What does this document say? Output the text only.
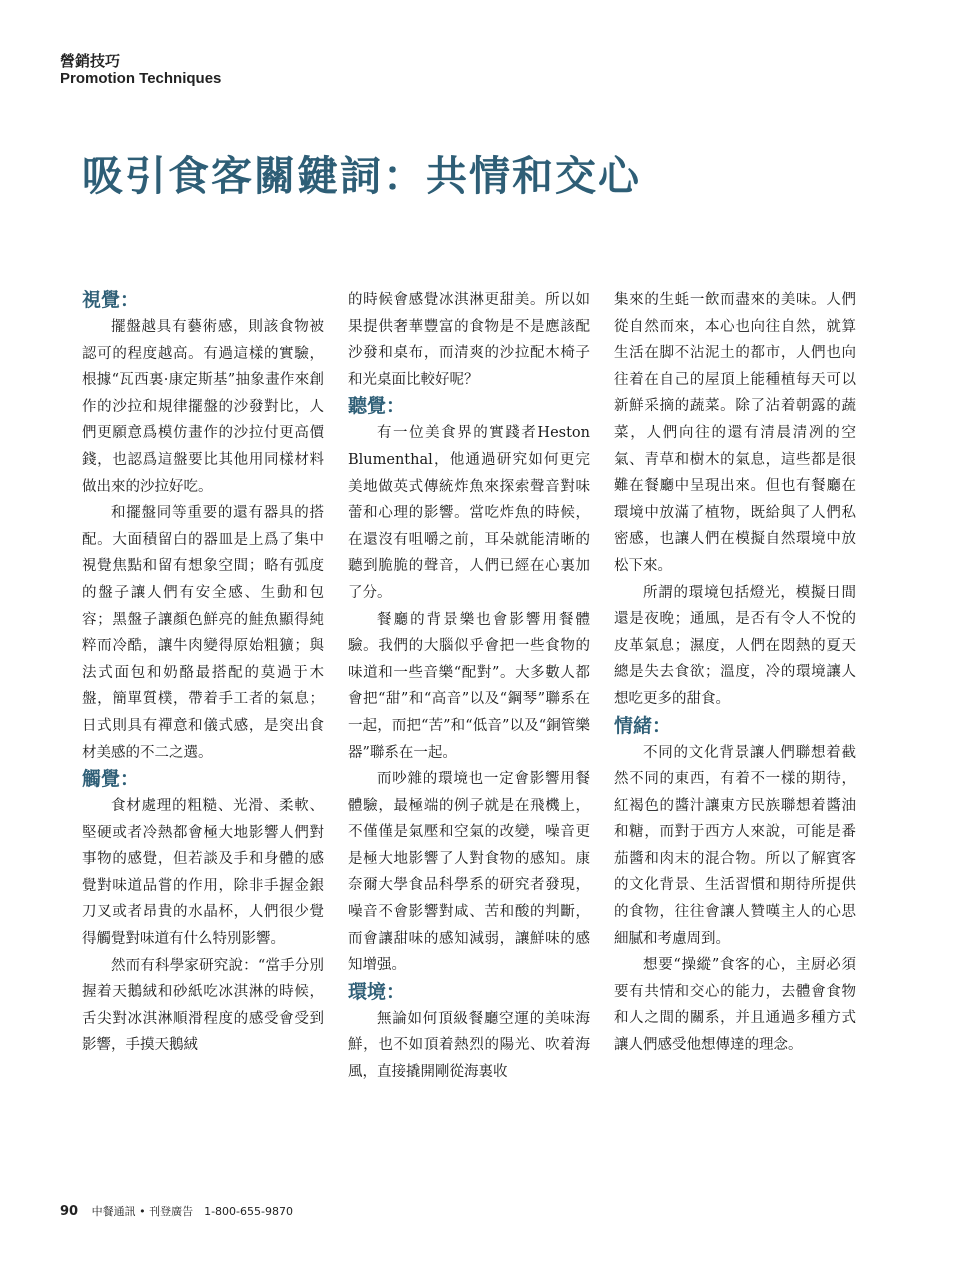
營銷技巧
Promotion Techniques
吸引食客關鍵詞：共情和交心
視覺：

擺盤越具有藝術感，則該食物被認可的程度越高。有過這樣的實驗，根據“瓦西裏·康定斯基”抽象畫作來創作的沙拉和規律擺盤的沙發對比，人們更願意爲模仿畫作的沙拉付更高價錢，也認爲這盤要比其他用同樣材料做出來的沙拉好吃。

和擺盤同等重要的還有器具的搭配。大面積留白的器皿是上爲了集中視覺焦點和留有想象空間；略有弧度的盤子讓人們有安全感、生動和包容；黑盤子讓顏色鮮亮的鮭魚顯得純粹而冷酷，讓牛肉變得原始粗獷；與法式面包和奶酪最搭配的莫過于木盤，簡單質樸，帶着手工者的氣息；日式則具有禪意和儀式感，是突出食材美感的不二之選。

觸覺：

食材處理的粗糙、光滑、柔軟、堅硬或者冷熱都會極大地影響人們對事物的感覺，但若談及手和身體的感覺對味道品嘗的作用，除非手握金銀刀叉或者昂貴的水晶杯，人們很少覺得觸覺對味道有什么特別影響。

然而有科學家研究說：“當手分別握着天鵝絨和砂紙吃冰淇淋的時候，舌尖對冰淇淋順滑程度的感受會受到影響，手摸天鵝絨

的時候會感覺冰淇淋更甜美。所以如果提供奢華豐富的食物是不是應該配沙發和桌布，而清爽的沙拉配木椅子和光桌面比較好呢？

聽覺：

有一位美食界的實踐者Heston Blumenthal，他通過研究如何更完美地做英式傳統炸魚來探索聲音對味蕾和心理的影響。當吃炸魚的時候，在還沒有咀嚼之前，耳朵就能清晰的聽到脆脆的聲音，人們已經在心裏加了分。

餐廳的背景樂也會影響用餐體驗。我們的大腦似乎會把一些食物的味道和一些音樂“配對”。大多數人都會把“甜”和“高音”以及“鋼琴”聯系在一起，而把“苦”和“低音”以及“銅管樂器”聯系在一起。

而吵雜的環境也一定會影響用餐體驗，最極端的例子就是在飛機上，不僅僅是氣壓和空氣的改變，噪音更是極大地影響了人對食物的感知。康奈爾大學食品科學系的研究者發現，噪音不會影響對咸、苦和酸的判斷，而會讓甜味的感知減弱，讓鮮味的感知增强。

環境：

無論如何頂級餐廳空運的美味海鮮，也不如頂着熱烈的陽光、吹着海風，直接撬開剛從海裏收

集來的生蚝一飲而盡來的美味。人們從自然而來，本心也向往自然，就算生活在脚不沾泥土的都市，人們也向往着在自己的屋頂上能種植每天可以新鮮采摘的蔬菜。除了沾着朝露的蔬菜，人們向往的還有清晨清冽的空氣、青草和樹木的氣息，這些都是很難在餐廳中呈現出來。但也有餐廳在環境中放滿了植物，既給與了人們私密感，也讓人們在模擬自然環境中放松下來。

所謂的環境包括燈光，模擬日間還是夜晚；通風，是否有令人不悅的皮革氣息；濕度，人們在悶熱的夏天總是失去食欲；溫度，冷的環境讓人想吃更多的甜食。

情緒：

不同的文化背景讓人們聯想着截然不同的東西，有着不一樣的期待，紅褐色的醬汁讓東方民族聯想着醬油和糖，而對于西方人來說，可能是番茄醬和肉末的混合物。所以了解賓客的文化背景、生活習慣和期待所提供的食物，往往會讓人贊嘆主人的心思細膩和考慮周到。

想要“操縱”食客的心，主厨必須要有共情和交心的能力，去體會食物和人之間的關系，并且通過多種方式讓人們感受他想傳達的理念。

90 中餐通訊 • 刊登廣告　1-800-655-9870
